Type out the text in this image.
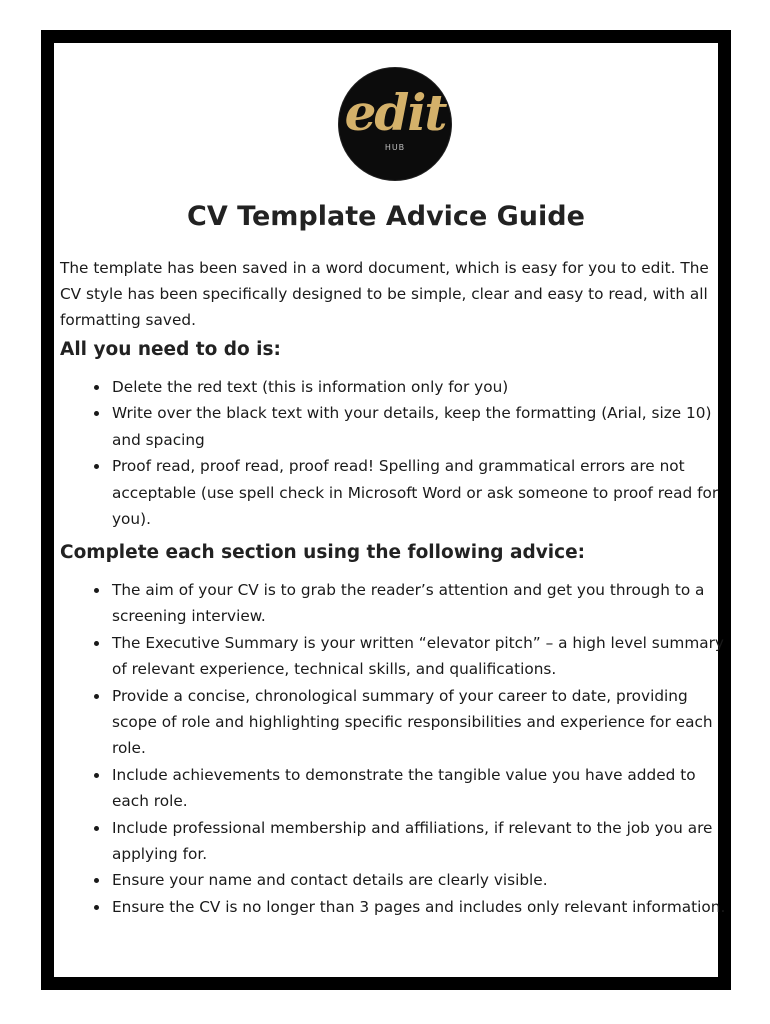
edit
HUB
CV Template Advice Guide

The template has been saved in a word document, which is easy for you to edit. The CV style has been specifically designed to be simple, clear and easy to read, with all formatting saved.

All you need to do is:
• Delete the red text (this is information only for you)
• Write over the black text with your details, keep the formatting (Arial, size 10) and spacing
• Proof read, proof read, proof read! Spelling and grammatical errors are not acceptable (use spell check in Microsoft Word or ask someone to proof read for you).
Complete each section using the following advice:
• The aim of your CV is to grab the reader’s attention and get you through to a screening interview.
• The Executive Summary is your written “elevator pitch” – a high level summary of relevant experience, technical skills, and qualifications.
• Provide a concise, chronological summary of your career to date, providing scope of role and highlighting specific responsibilities and experience for each role.
• Include achievements to demonstrate the tangible value you have added to each role.
• Include professional membership and affiliations, if relevant to the job you are applying for.
• Ensure your name and contact details are clearly visible.
• Ensure the CV is no longer than 3 pages and includes only relevant information.
